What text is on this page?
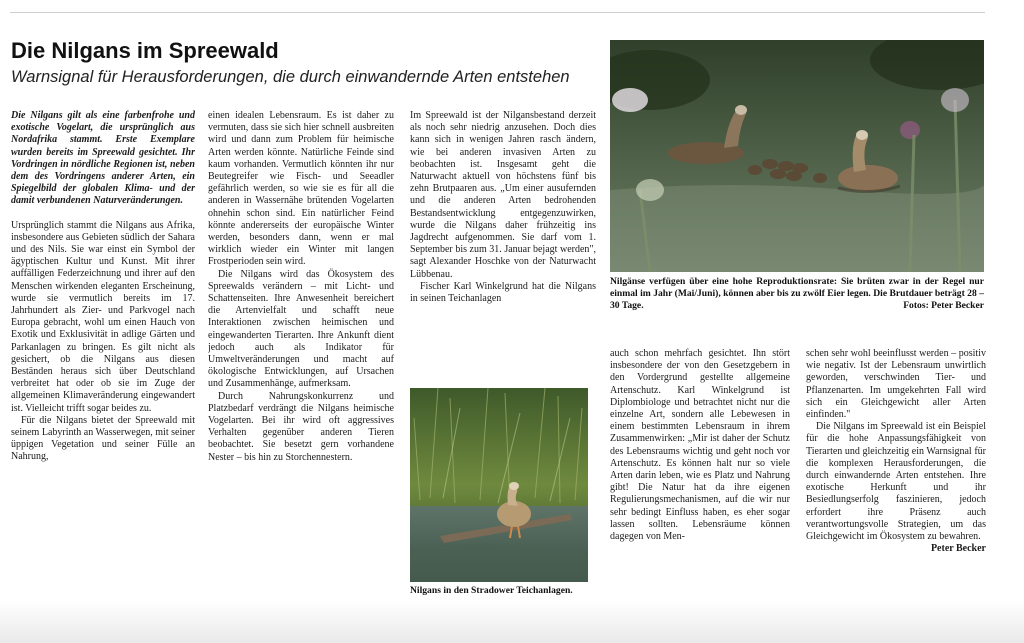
Die Nilgans im Spreewald
Warnsignal für Herausforderungen, die durch einwandernde Arten entstehen

Die Nilgans gilt als eine farbenfrohe und exotische Vogelart, die ursprünglich aus Nordafrika stammt. Erste Exemplare wurden bereits im Spreewald gesichtet. Ihr Vordringen in nördliche Regionen ist, neben dem des Vordringens anderer Arten, ein Spiegelbild der globalen Klima- und der damit verbundenen Naturveränderungen.

Ursprünglich stammt die Nilgans aus Afrika, insbesondere aus Gebieten südlich der Sahara und des Nils. Sie war einst ein Symbol der ägyptischen Kultur und Kunst. Mit ihrer auffälligen Federzeichnung und ihrer auf den Menschen wirkenden eleganten Erscheinung, wurde sie vermutlich bereits im 17. Jahrhundert als Zier- und Parkvogel nach Europa gebracht, wohl um einen Hauch von Exotik und Exklusivität in adlige Gärten und Parkanlagen zu bringen. Es gilt nicht als gesichert, ob die Nilgans aus diesen Beständen heraus sich über Deutschland verbreitet hat oder ob sie im Zuge der allgemeinen Klimaveränderung eingewandert ist. Vielleicht trifft sogar beides zu.

Für die Nilgans bietet der Spreewald mit seinem Labyrinth an Wasserwegen, mit seiner üppigen Vegetation und seiner Fülle an Nahrung,

einen idealen Lebensraum. Es ist daher zu vermuten, dass sie sich hier schnell ausbreiten wird und dann zum Problem für heimische Arten werden könnte. Natürliche Feinde sind kaum vorhanden. Vermutlich könnten ihr nur Beutegreifer wie Fisch- und Seeadler gefährlich werden, so wie sie es für all die anderen in Wassernähe brütenden Vogelarten ohnehin schon sind. Ein natürlicher Feind könnte andererseits der europäische Winter werden, besonders dann, wenn er mal wirklich wieder ein Winter mit langen Frostperioden sein wird.

Die Nilgans wird das Ökosystem des Spreewalds verändern – mit Licht- und Schattenseiten. Ihre Anwesenheit bereichert die Artenvielfalt und schafft neue Interaktionen zwischen heimischen und eingewanderten Tierarten. Ihre Ankunft dient jedoch auch als Indikator für Umweltveränderungen und macht auf ökologische Entwicklungen, auf Ursachen und Zusammenhänge, aufmerksam.

Durch Nahrungskonkurrenz und Platzbedarf verdrängt die Nilgans heimische Vogelarten. Bei ihr wird oft aggressives Verhalten gegenüber anderen Tieren beobachtet. Sie besetzt gern vorhandene Nester – bis hin zu Storchennestern.

Im Spreewald ist der Nilgansbestand derzeit als noch sehr niedrig anzusehen. Doch dies kann sich in wenigen Jahren rasch ändern, wie bei anderen invasiven Arten zu beobachten ist. Insgesamt geht die Naturwacht aktuell von höchstens fünf bis zehn Brutpaaren aus. „Um einer ausufernden und die anderen Arten bedrohenden Bestandsentwicklung entgegenzuwirken, wurde die Nilgans daher frühzeitig ins Jagdrecht aufgenommen. Sie darf vom 1. September bis zum 31. Januar bejagt werden", sagt Alexander Hoschke von der Naturwacht Lübbenau.

Fischer Karl Winkelgrund hat die Nilgans in seinen Teichanlagen

Nilgans in den Stradower Teichanlagen.
Nilgänse verfügen über eine hohe Reproduktionsrate: Sie brüten zwar in der Regel nur einmal im Jahr (Mai/Juni), können aber bis zu zwölf Eier legen. Die Brutdauer beträgt 28 – 30 Tage.	Fotos: Peter Becker

auch schon mehrfach gesichtet. Ihn stört insbesondere der von den Gesetzgebern in den Vordergrund gestellte allgemeine Artenschutz. Karl Winkelgrund ist Diplombiologe und betrachtet nicht nur die einzelne Art, sondern alle Lebewesen in einem bestimmten Lebensraum in ihrem Zusammenwirken: „Mir ist daher der Schutz des Lebensraums wichtig und geht noch vor Artenschutz. Es können halt nur so viele Arten darin leben, wie es Platz und Nahrung gibt! Die Natur hat da ihre eigenen Regulierungsmechanismen, auf die wir nur sehr bedingt Einfluss haben, es eher sogar lassen sollten. Lebensräume können dagegen von Men-

schen sehr wohl beeinflusst werden – positiv wie negativ. Ist der Lebensraum unwirtlich geworden, verschwinden Tier- und Pflanzenarten. Im umgekehrten Fall wird sich ein Gleichgewicht aller Arten einfinden."

Die Nilgans im Spreewald ist ein Beispiel für die hohe Anpassungsfähigkeit von Tierarten und gleichzeitig ein Warnsignal für die komplexen Herausforderungen, die durch einwandernde Arten entstehen. Ihre exotische Herkunft und ihr Besiedlungserfolg faszinieren, jedoch erfordert ihre Präsenz auch verantwortungsvolle Strategien, um das Gleichgewicht im Ökosystem zu bewahren.

Peter Becker
